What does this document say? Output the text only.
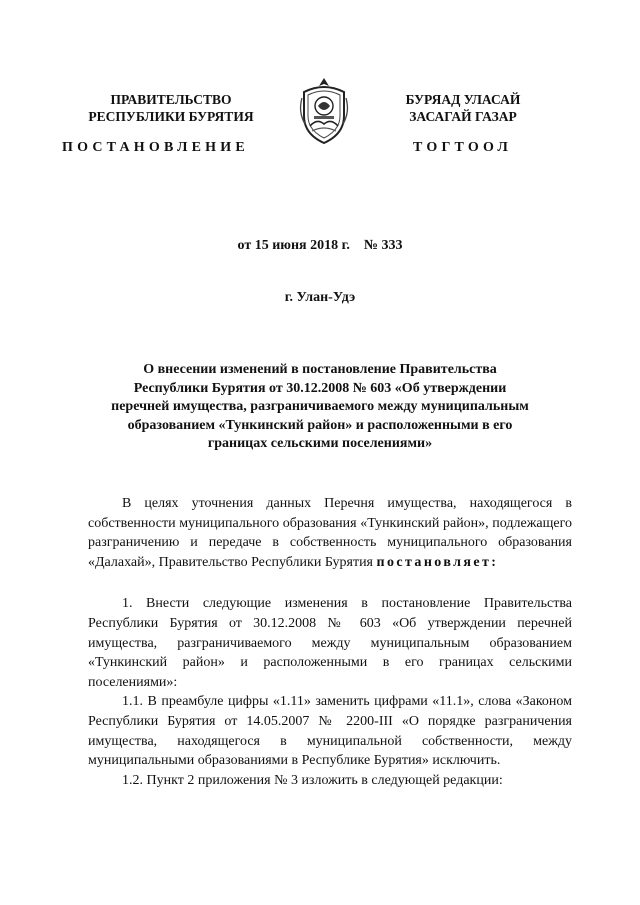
ПРАВИТЕЛЬСТВО
РЕСПУБЛИКИ БУРЯТИЯ
ПОСТАНОВЛЕНИЕ
БУРЯАД УЛАСАЙ
ЗАСАГАЙ ГАЗАР
ТОГТООЛ
от 15 июня 2018 г. № 333
г. Улан-Удэ
О внесении изменений в постановление Правительства
Республики Бурятия от 30.12.2008 № 603 «Об утверждении
перечней имущества, разграничиваемого между муниципальным
образованием «Тункинский район» и расположенными в его
границах сельскими поселениями»

В целях уточнения данных Перечня имущества, находящегося в собственности муниципального образования «Тункинский район», подлежащего разграничению и передаче в собственность муниципального образования «Далахай», Правительство Республики Бурятия постановляет:

1. Внести следующие изменения в постановление Правительства Республики Бурятия от 30.12.2008 № 603 «Об утверждении перечней имущества, разграничиваемого между муниципальным образованием «Тункинский район» и расположенными в его границах сельскими поселениями»:

1.1. В преамбуле цифры «1.11» заменить цифрами «11.1», слова «Законом Республики Бурятия от 14.05.2007 № 2200-III «О порядке разграничения имущества, находящегося в муниципальной собственности, между муниципальными образованиями в Республике Бурятия» исключить.

1.2. Пункт 2 приложения № 3 изложить в следующей редакции:
